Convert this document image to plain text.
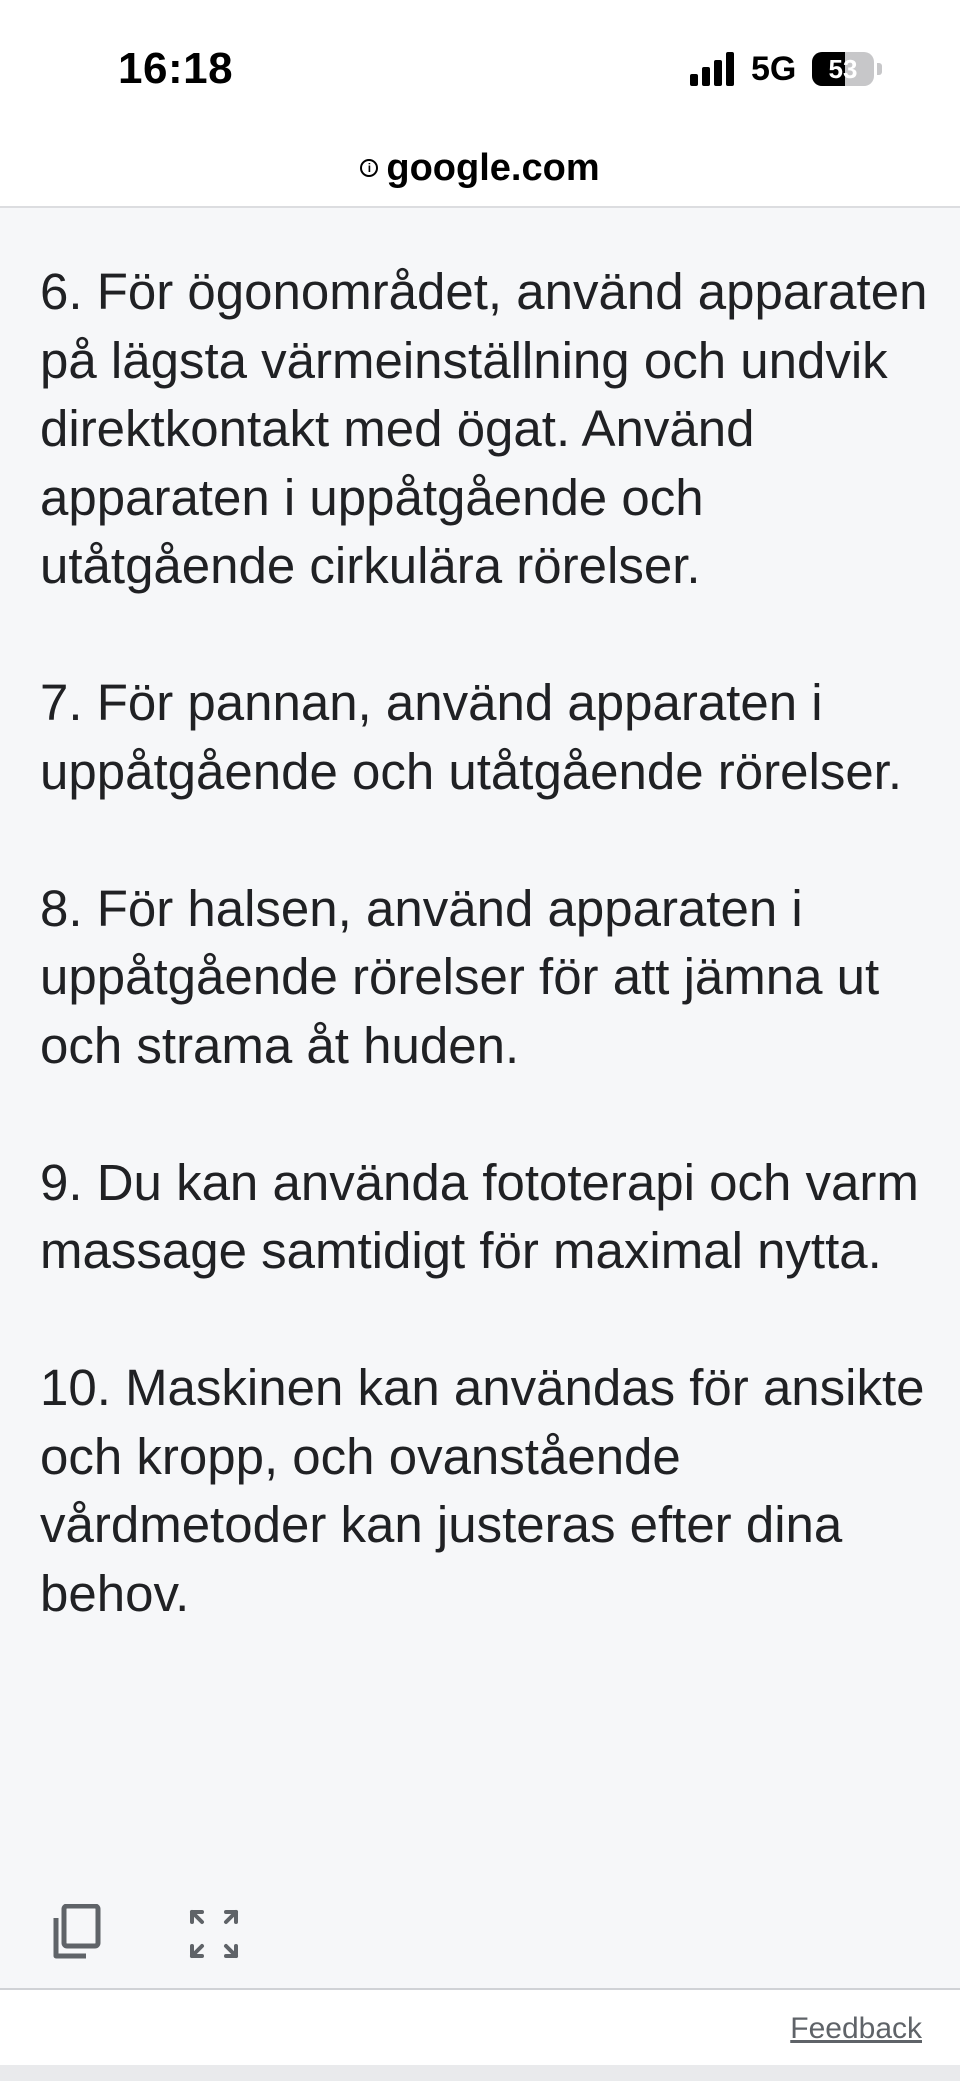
16:18	5G	53
i google.com

6. För ögonområdet, använd apparaten på lägsta värmeinställning och undvik direktkontakt med ögat. Använd apparaten i uppåtgående och utåtgående cirkulära rörelser.

7. För pannan, använd apparaten i uppåtgående och utåtgående rörelser.

8. För halsen, använd apparaten i uppåtgående rörelser för att jämna ut och strama åt huden.

9. Du kan använda fototerapi och varm massage samtidigt för maximal nytta.

10. Maskinen kan användas för ansikte och kropp, och ovanstående vårdmetoder kan justeras efter dina behov.

Feedback
